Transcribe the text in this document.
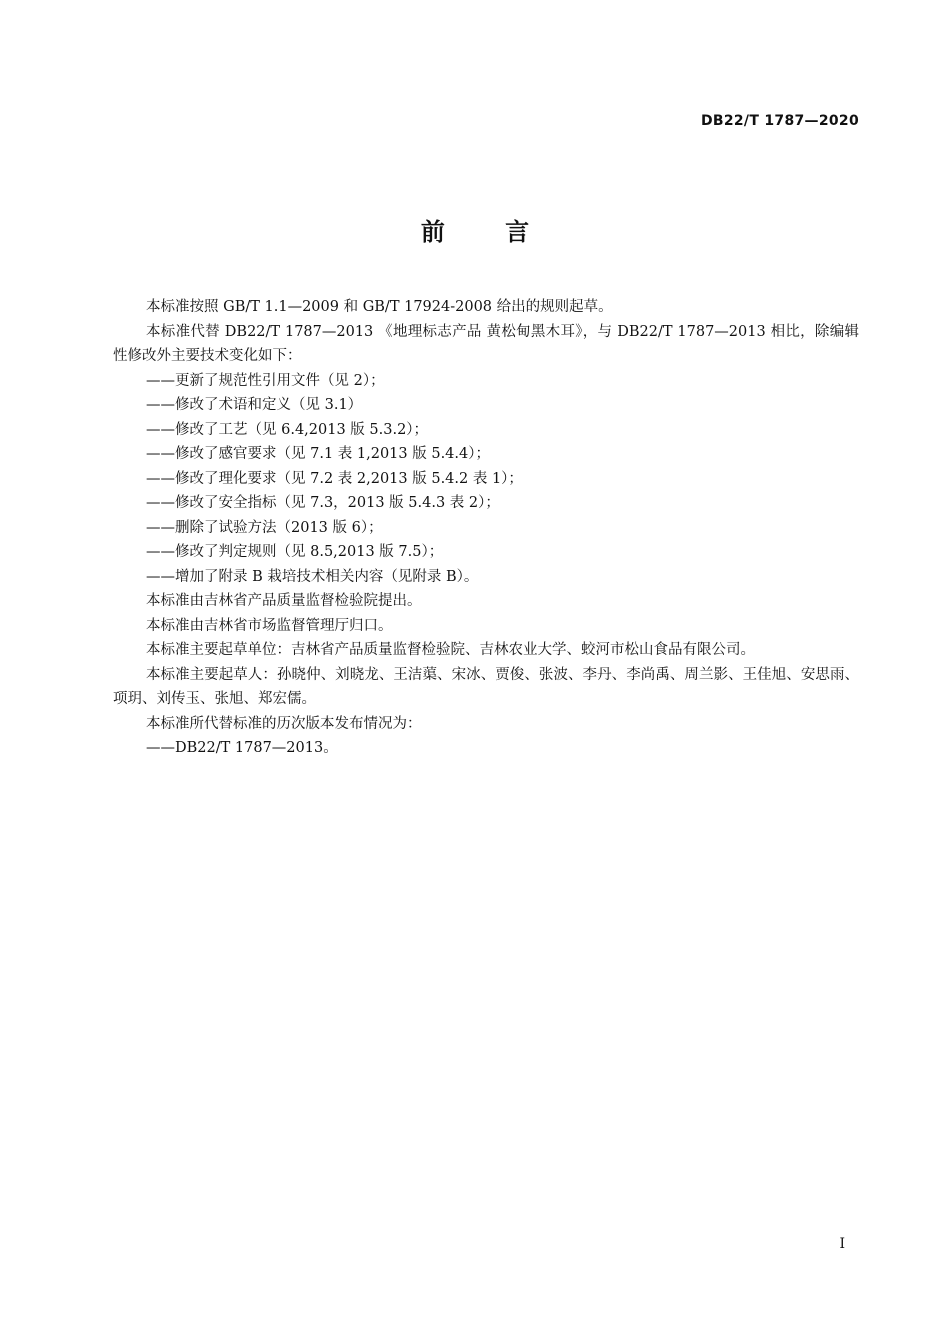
DB22/T 1787—2020
前 言

本标准按照 GB/T 1.1—2009 和 GB/T 17924-2008 给出的规则起草。

本标准代替 DB22/T 1787—2013 《地理标志产品 黄松甸黑木耳》，与 DB22/T 1787—2013 相比，除编辑性修改外主要技术变化如下：

——更新了规范性引用文件（见 2）；

——修改了术语和定义（见 3.1）

——修改了工艺（见 6.4,2013 版 5.3.2）；

——修改了感官要求（见 7.1 表 1,2013 版 5.4.4）；

——修改了理化要求（见 7.2 表 2,2013 版 5.4.2 表 1）；

——修改了安全指标（见 7.3，2013 版 5.4.3 表 2）；

——删除了试验方法（2013 版 6）；

——修改了判定规则（见 8.5,2013 版 7.5）；

——增加了附录 B 栽培技术相关内容（见附录 B）。

本标准由吉林省产品质量监督检验院提出。

本标准由吉林省市场监督管理厅归口。

本标准主要起草单位：吉林省产品质量监督检验院、吉林农业大学、蛟河市松山食品有限公司。

本标准主要起草人：孙晓仲、刘晓龙、王洁蕖、宋冰、贾俊、张波、李丹、李尚禹、周兰影、王佳旭、安思雨、项玥、刘传玉、张旭、郑宏儒。

本标准所代替标准的历次版本发布情况为：

——DB22/T 1787—2013。

I
